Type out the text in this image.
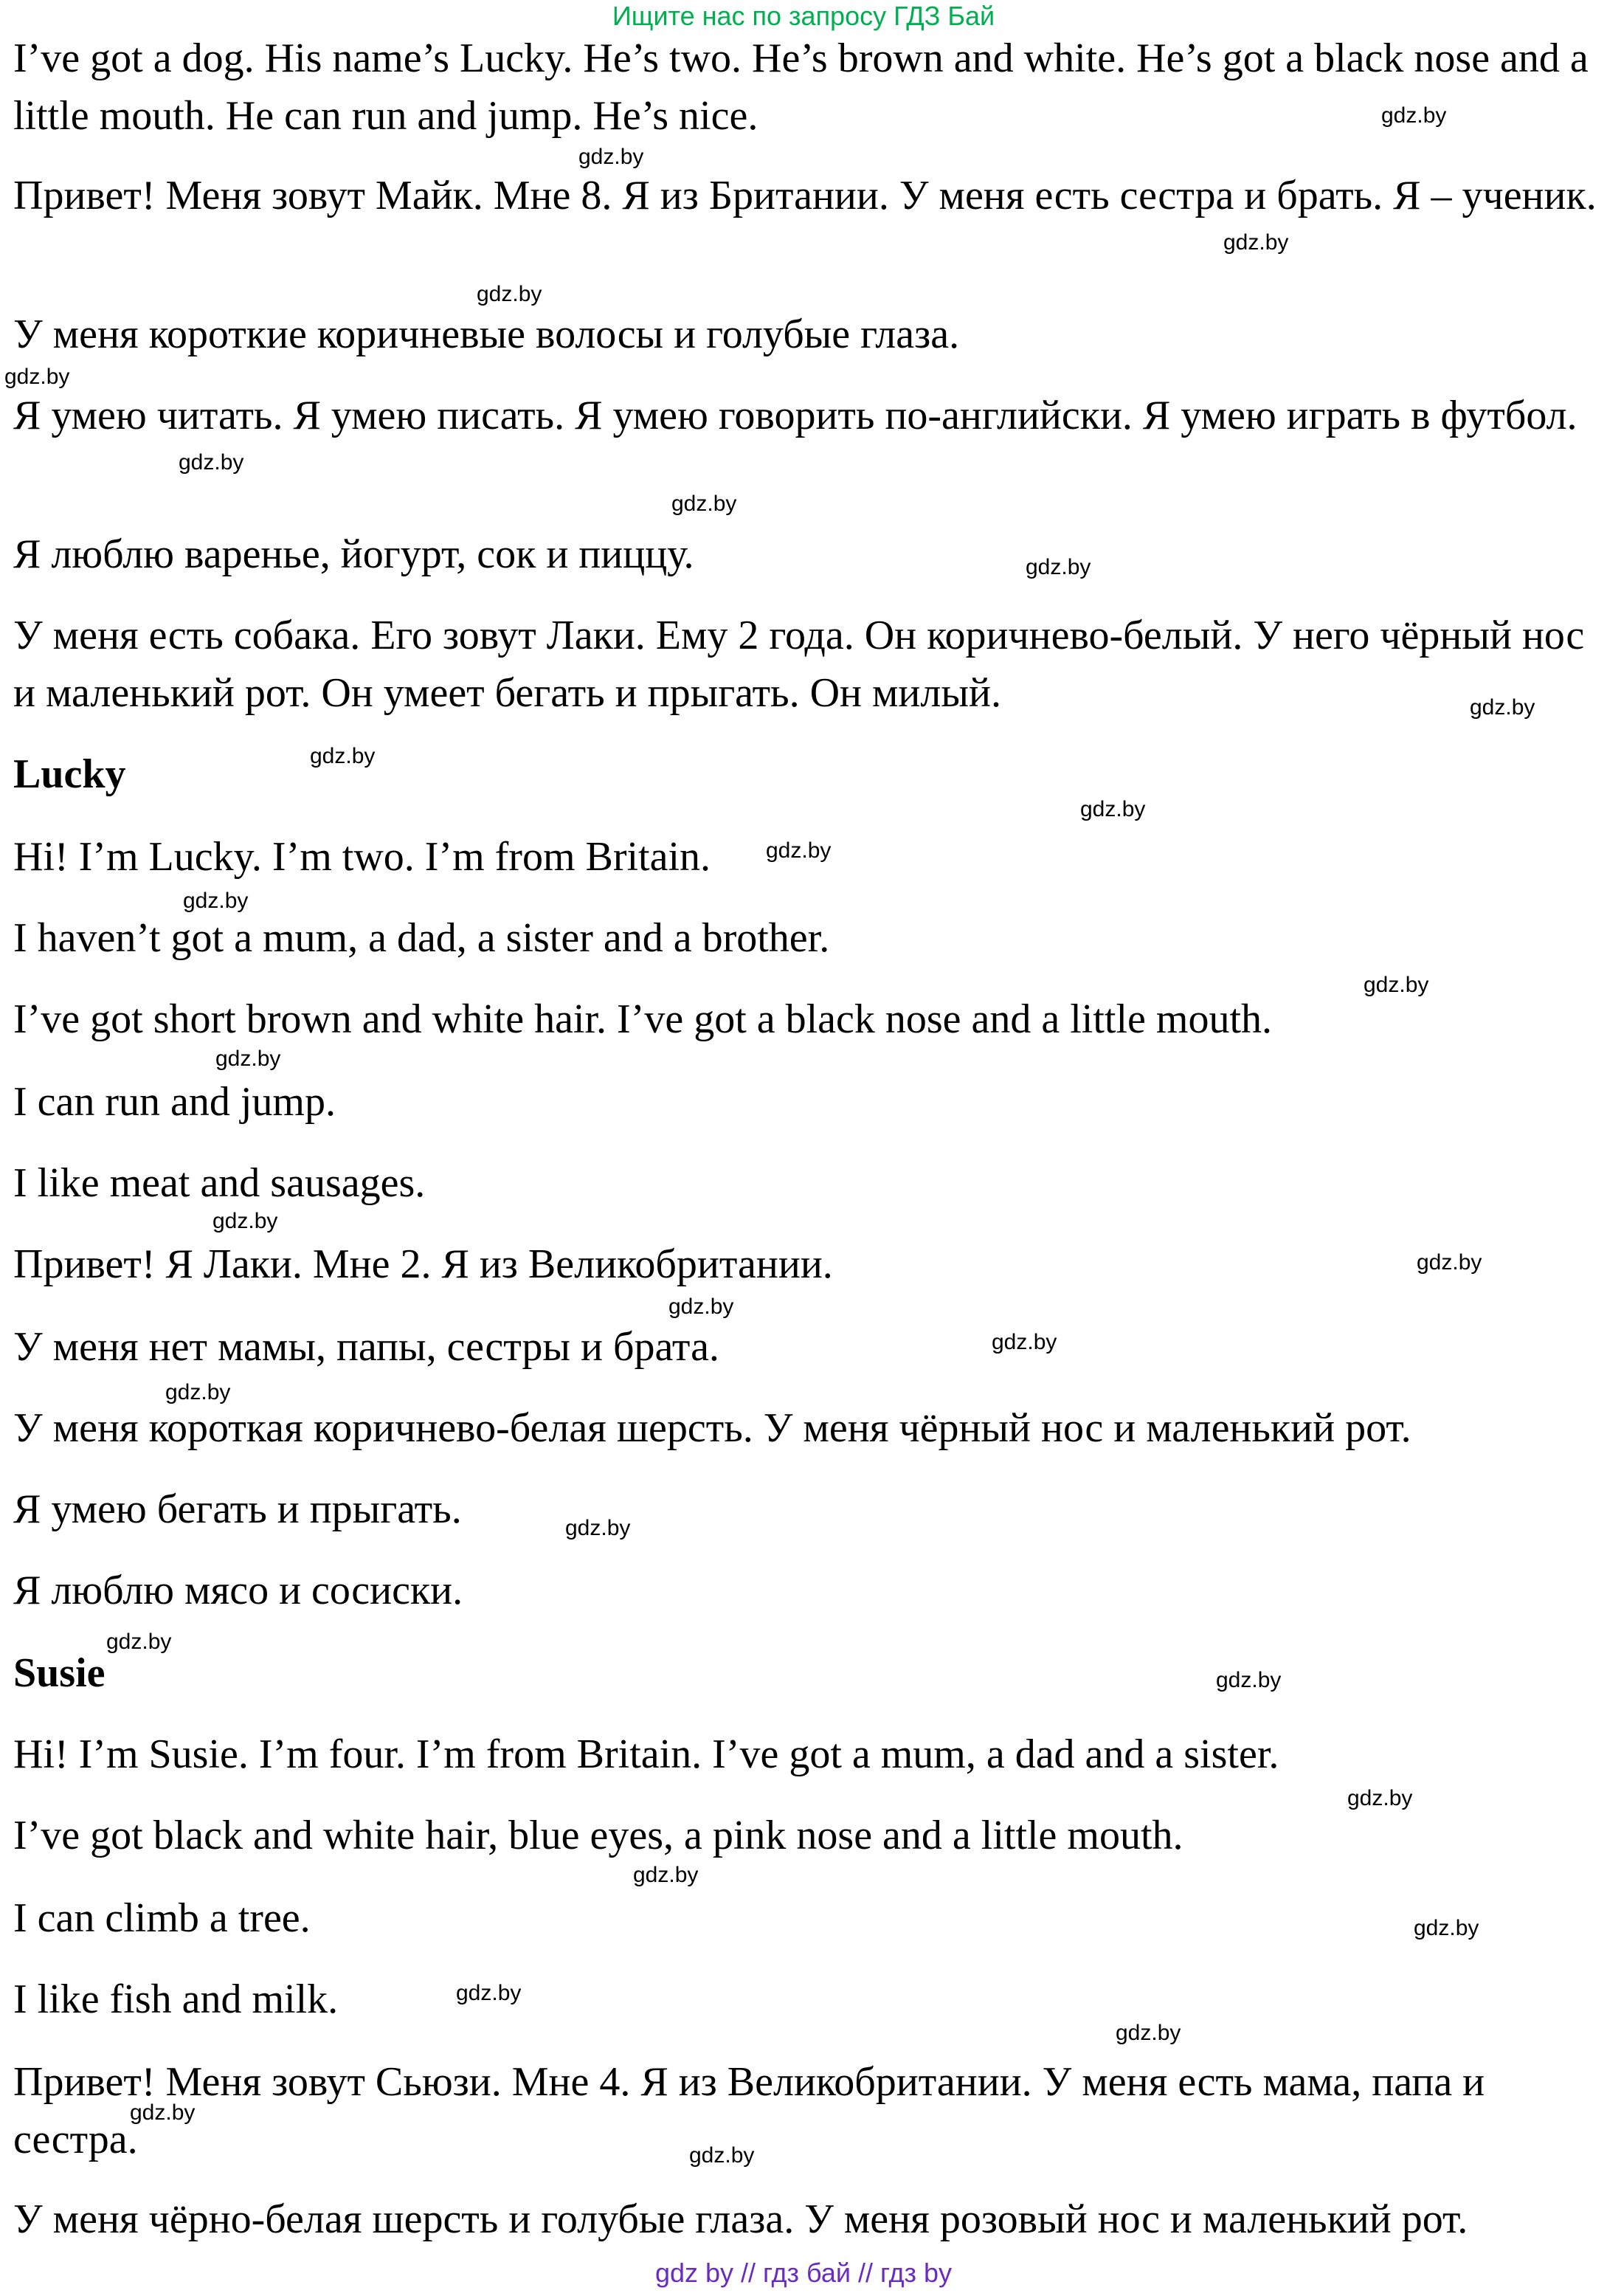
Ищите нас по запросу ГДЗ Бай

I’ve got a dog. His name’s Lucky. He’s two. He’s brown and white. He’s got a black nose and a little mouth. He can run and jump. He’s nice.

Привет! Меня зовут Майк. Мне 8. Я из Британии. У меня есть сестра и брать. Я – ученик.

У меня короткие коричневые волосы и голубые глаза.

Я умею читать. Я умею писать. Я умею говорить по-английски. Я умею играть в футбол.

Я люблю варенье, йогурт, сок и пиццу.

У меня есть собака. Его зовут Лаки. Ему 2 года. Он коричнево-белый. У него чёрный нос и маленький рот. Он умеет бегать и прыгать. Он милый.

Lucky

Hi! I’m Lucky. I’m two. I’m from Britain.

I haven’t got a mum, a dad, a sister and a brother.

I’ve got short brown and white hair. I’ve got a black nose and a little mouth.

I can run and jump.

I like meat and sausages.

Привет! Я Лаки. Мне 2. Я из Великобритании.

У меня нет мамы, папы, сестры и брата.

У меня короткая коричнево-белая шерсть. У меня чёрный нос и маленький рот.

Я умею бегать и прыгать.

Я люблю мясо и сосиски.

Susie

Hi! I’m Susie. I’m four. I’m from Britain. I’ve got a mum, a dad and a sister.

I’ve got black and white hair, blue eyes, a pink nose and a little mouth.

I can climb a tree.

I like fish and milk.

Привет! Меня зовут Сьюзи. Мне 4. Я из Великобритании. У меня есть мама, папа и сестра.

У меня чёрно-белая шерсть и голубые глаза. У меня розовый нос и маленький рот.

gdz.by
gdz.by
gdz.by
gdz.by
gdz.by
gdz.by
gdz.by
gdz.by
gdz.by
gdz.by
gdz.by
gdz.by
gdz.by
gdz.by
gdz.by
gdz.by
gdz.by
gdz.by
gdz.by
gdz.by
gdz.by
gdz.by
gdz.by
gdz.by
gdz.by
gdz.by
gdz.by
gdz.by
gdz.by
gdz.by
gdz by // гдз бай // гдз by
